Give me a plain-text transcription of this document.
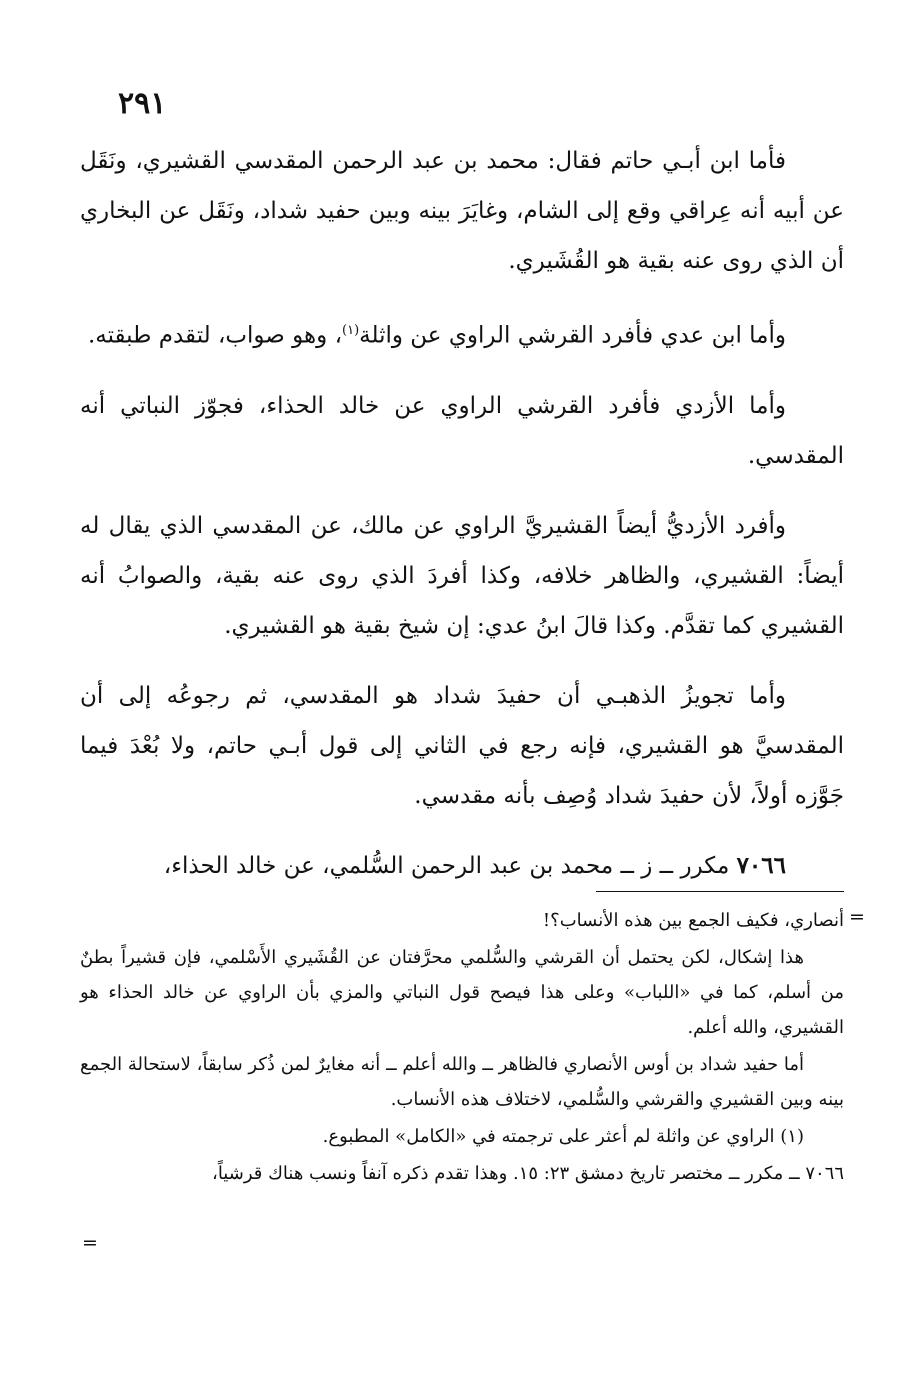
٢٩١

فأما ابن أبـي حاتم فقال: محمد بن عبد الرحمن المقدسي القشيري، ونَقَل عن أبيه أنه عِراقي وقع إلى الشام، وغايَرَ بينه وبين حفيد شداد، ونَقَل عن البخاري أن الذي روى عنه بقية هو القُشَيري.

وأما ابن عدي فأفرد القرشي الراوي عن واثلة$^{(١)}$، وهو صواب، لتقدم طبقته.

وأما الأزدي فأفرد القرشي الراوي عن خالد الحذاء، فجوّز النباتي أنه المقدسي.

وأفرد الأزديُّ أيضاً القشيريَّ الراوي عن مالك، عن المقدسي الذي يقال له أيضاً: القشيري، والظاهر خلافه، وكذا أفردَ الذي روى عنه بقية، والصوابُ أنه القشيري كما تقدَّم. وكذا قالَ ابنُ عدي: إن شيخ بقية هو القشيري.

وأما تجويزُ الذهبـي أن حفيدَ شداد هو المقدسي، ثم رجوعُه إلى أن المقدسيَّ هو القشيري، فإنه رجع في الثاني إلى قول أبـي حاتم، ولا بُعْدَ فيما جَوَّزه أولاً، لأن حفيدَ شداد وُصِف بأنه مقدسي.

٧٠٦٦ مكرر ــ ز ــ محمد بن عبد الرحمن السُّلمي، عن خالد الحذاء،

=

أنصاري، فكيف الجمع بين هذه الأنساب؟!

هذا إشكال، لكن يحتمل أن القرشي والسُّلمي محرَّفتان عن القُشَيري الأَسْلمي، فإن قشيراً بطنٌ من أسلم، كما في «اللباب» وعلى هذا فيصح قول النباتي والمزي بأن الراوي عن خالد الحذاء هو القشيري، والله أعلم.

أما حفيد شداد بن أوس الأنصاري فالظاهر ــ والله أعلم ــ أنه مغايرٌ لمن ذُكر سابقاً، لاستحالة الجمع بينه وبين القشيري والقرشي والسُّلمي، لاختلاف هذه الأنساب.

(١) الراوي عن واثلة لم أعثر على ترجمته في «الكامل» المطبوع.

٧٠٦٦ ــ مكرر ــ مختصر تاريخ دمشق ٢٣: ١٥. وهذا تقدم ذكره آنفاً ونسب هناك قرشياً،

=
